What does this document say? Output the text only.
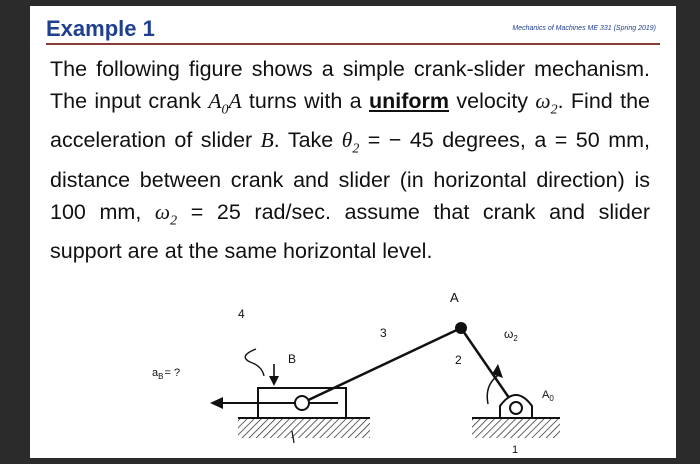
Example 1	Mechanics of Machines ME 331 (Spring 2019)
The following figure shows a simple crank-slider mechanism. The input crank $A_0A$ turns with a uniform velocity $\omega_2$. Find the acceleration of slider B. Take $\theta_2$ = − 45 degrees, a = 50 mm, distance between crank and slider (in horizontal direction) is 100 mm, $\omega_2 = 25$ rad/sec. assume that crank and slider support are at the same horizontal level.
A
4
3
B	2
$\omega_2$
$a_B=$ ?
$A_0$
1
